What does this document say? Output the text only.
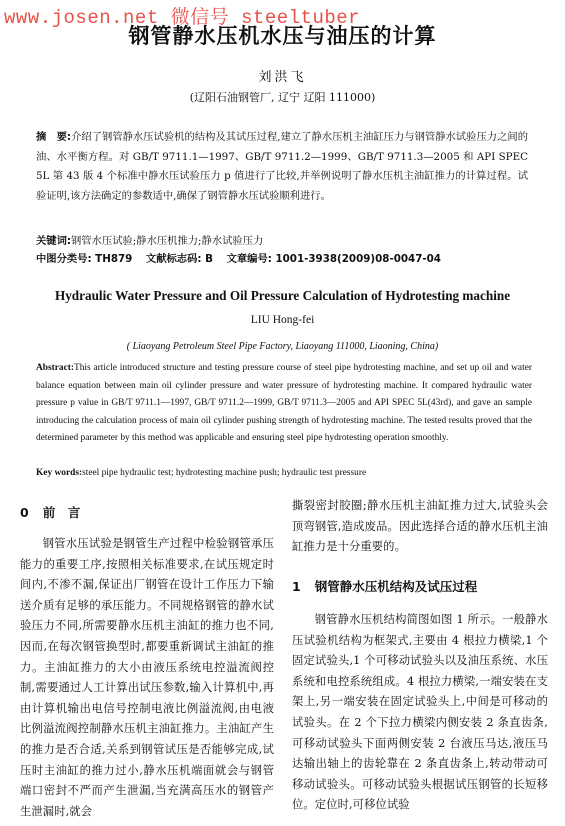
www.josen.net 微信号 steeltuber
钢管静水压机水压与油压的计算
刘洪飞
(辽阳石油钢管厂, 辽宁 辽阳 111000)
摘　要:介绍了钢管静水压试验机的结构及其试压过程,建立了静水压机主油缸压力与钢管静水试验压力之间的油、水平衡方程。对 GB/T 9711.1—1997、GB/T 9711.2—1999、GB/T 9711.3—2005 和 API SPEC 5L 第 43 版 4 个标准中静水压试验压力 p 值进行了比较,并举例说明了静水压机主油缸推力的计算过程。试验证明,该方法确定的参数适中,确保了钢管静水压试验顺利进行。
关键词:钢管水压试验;静水压机推力;静水试验压力
中图分类号: TH879 文献标志码: B 文章编号: 1001-3938(2009)08-0047-04
Hydraulic Water Pressure and Oil Pressure Calculation of Hydrotesting machine
LIU Hong-fei
( Liaoyang Petroleum Steel Pipe Factory, Liaoyang 111000, Liaoning, China)
Abstract:This article introduced structure and testing pressure course of steel pipe hydrotesting machine, and set up oil and water balance equation between main oil cylinder pressure and water pressure of hydrotesting machine. It compared hydraulic water pressure p value in GB/T 9711.1—1997, GB/T 9711.2—1999, GB/T 9711.3—2005 and API SPEC 5L(43rd), and gave an sample introducing the calculation process of main oil cylinder pushing strength of hydrotesting machine. The tested results proved that the determined parameter by this method was applicable and ensuring steel pipe hydrotesting operation smoothly.
Key words:steel pipe hydraulic test; hydrotesting machine push; hydraulic test pressure
0 前　言

钢管水压试验是钢管生产过程中检验钢管承压能力的重要工序,按照相关标准要求,在试压规定时间内,不渗不漏,保证出厂钢管在设计工作压力下输送介质有足够的承压能力。不同规格钢管的静水试验压力不同,所需要静水压机主油缸的推力也不同,因而,在每次钢管换型时,都要重新调试主油缸的推力。主油缸推力的大小由液压系统电控溢流阀控制,需要通过人工计算出试压参数,输入计算机中,再由计算机输出电信号控制电液比例溢流阀,由电液比例溢流阀控制静水压机主油缸推力。主油缸产生的推力是否合适,关系到钢管试压是否能够完成,试压时主油缸的推力过小,静水压机端面就会与钢管端口密封不严而产生泄漏,当充满高压水的钢管产生泄漏时,就会

撕裂密封胶圈;静水压机主油缸推力过大,试验头会顶弯钢管,造成废品。因此选择合适的静水压机主油缸推力是十分重要的。

1 钢管静水压机结构及试压过程

钢管静水压机结构简图如图 1 所示。一般静水压试验机结构为框架式,主要由 4 根拉力横梁,1 个固定试验头,1 个可移动试验头以及油压系统、水压系统和电控系统组成。4 根拉力横梁,一端安装在支架上,另一端安装在固定试验头上,中间是可移动的试验头。在 2 个下拉力横梁内侧安装 2 条直齿条,可移动试验头下面两侧安装 2 台液压马达,液压马达输出轴上的齿轮靠在 2 条直齿条上,转动带动可移动试验头。可移动试验头根据试压钢管的长短移位。定位时,可移位试验
